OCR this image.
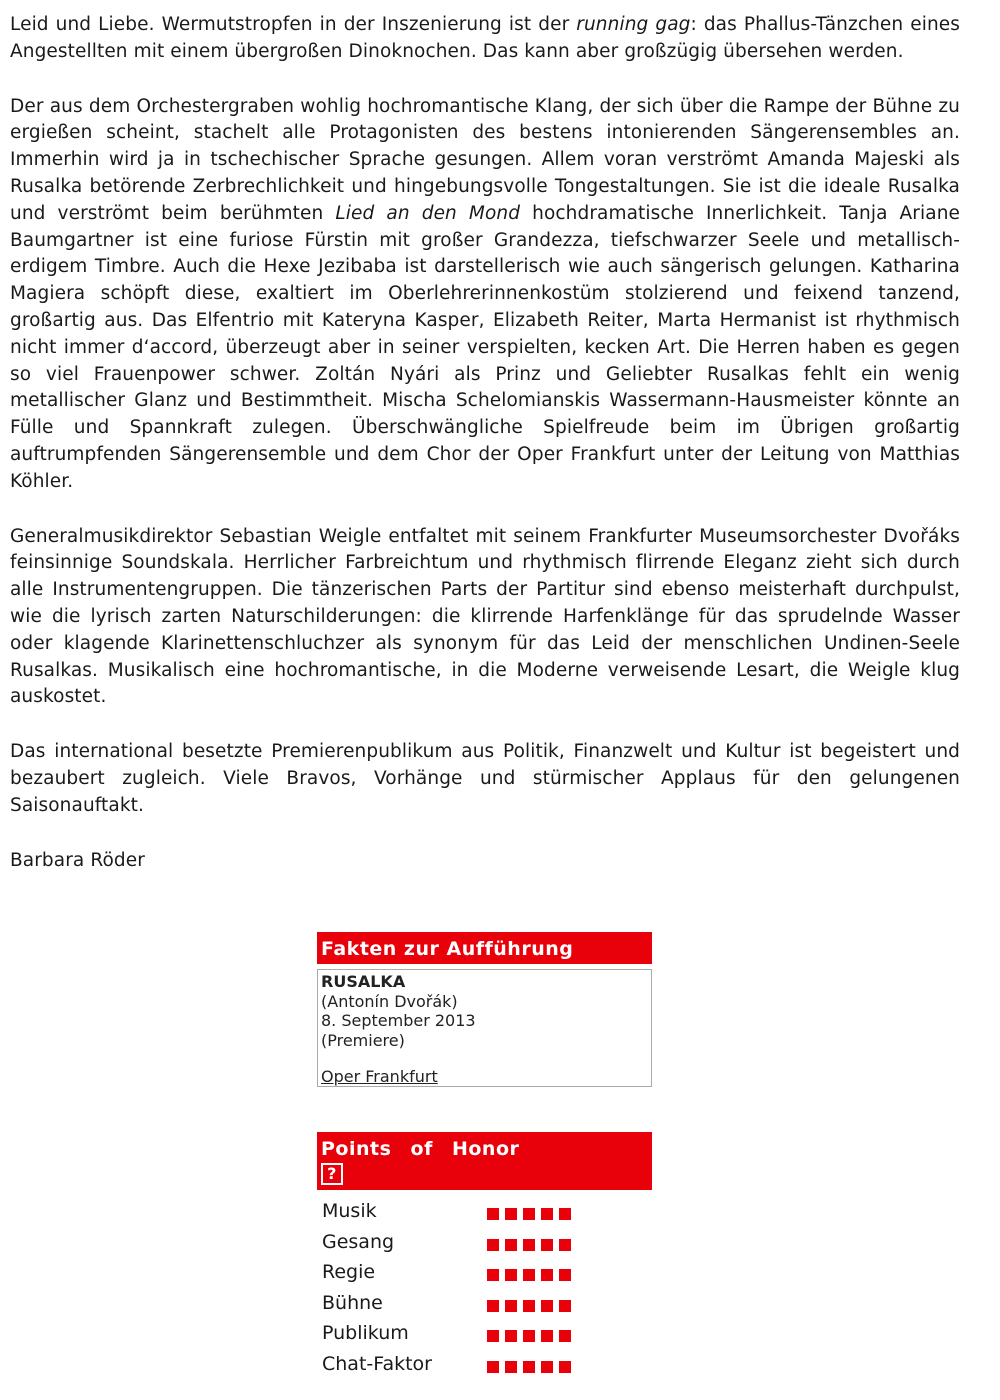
Leid und Liebe. Wermutstropfen in der Inszenierung ist der running gag: das Phallus-Tänzchen eines Angestellten mit einem übergroßen Dinoknochen. Das kann aber großzügig übersehen werden.

Der aus dem Orchestergraben wohlig hochromantische Klang, der sich über die Rampe der Bühne zu ergießen scheint, stachelt alle Protagonisten des bestens intonierenden Sängerensembles an. Immerhin wird ja in tschechischer Sprache gesungen. Allem voran verströmt Amanda Majeski als Rusalka betörende Zerbrechlichkeit und hingebungsvolle Tongestaltungen. Sie ist die ideale Rusalka und verströmt beim berühmten Lied an den Mond hochdramatische Innerlichkeit. Tanja Ariane Baumgartner ist eine furiose Fürstin mit großer Grandezza, tiefschwarzer Seele und metallisch-erdigem Timbre. Auch die Hexe Jezibaba ist darstellerisch wie auch sängerisch gelungen. Katharina Magiera schöpft diese, exaltiert im Oberlehrerinnenkostüm stolzierend und feixend tanzend, großartig aus. Das Elfentrio mit Kateryna Kasper, Elizabeth Reiter, Marta Hermanist ist rhythmisch nicht immer d‘accord, überzeugt aber in seiner verspielten, kecken Art. Die Herren haben es gegen so viel Frauenpower schwer. Zoltán Nyári als Prinz und Geliebter Rusalkas fehlt ein wenig metallischer Glanz und Bestimmtheit. Mischa Schelomianskis Wassermann-Hausmeister könnte an Fülle und Spannkraft zulegen. Überschwängliche Spielfreude beim im Übrigen großartig auftrumpfenden Sängerensemble und dem Chor der Oper Frankfurt unter der Leitung von Matthias Köhler.

Generalmusikdirektor Sebastian Weigle entfaltet mit seinem Frankfurter Museumsorchester Dvořáks feinsinnige Soundskala. Herrlicher Farbreichtum und rhythmisch flirrende Eleganz zieht sich durch alle Instrumentengruppen. Die tänzerischen Parts der Partitur sind ebenso meisterhaft durchpulst, wie die lyrisch zarten Naturschilderungen: die klirrende Harfenklänge für das sprudelnde Wasser oder klagende Klarinettenschluchzer als synonym für das Leid der menschlichen Undinen-Seele Rusalkas. Musikalisch eine hochromantische, in die Moderne verweisende Lesart, die Weigle klug auskostet.

Das international besetzte Premierenpublikum aus Politik, Finanzwelt und Kultur ist begeistert und bezaubert zugleich. Viele Bravos, Vorhänge und stürmischer Applaus für den gelungenen Saisonauftakt.

Barbara Röder

Fakten zur Aufführung
RUSALKA
(Antonín Dvořák)
8. September 2013
(Premiere)
Oper Frankfurt
Points of Honor
?
Musik
Gesang
Regie
Bühne
Publikum
Chat-Faktor
